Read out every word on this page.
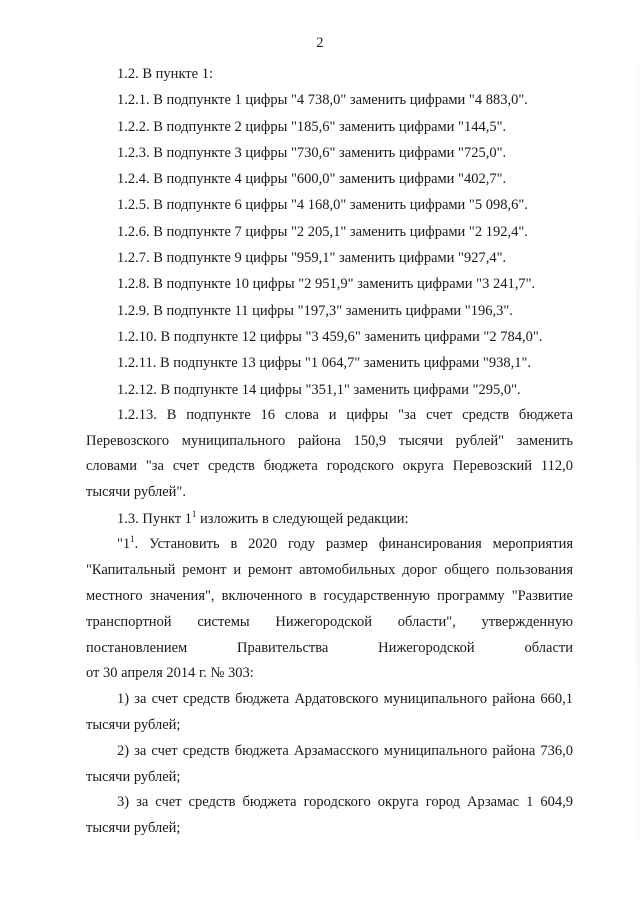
2
1.2. В пункте 1:
1.2.1. В подпункте 1 цифры "4 738,0" заменить цифрами "4 883,0".
1.2.2. В подпункте 2 цифры "185,6" заменить цифрами "144,5".
1.2.3. В подпункте 3 цифры "730,6" заменить цифрами "725,0".
1.2.4. В подпункте 4 цифры "600,0" заменить цифрами "402,7".
1.2.5. В подпункте 6 цифры "4 168,0" заменить цифрами "5 098,6".
1.2.6. В подпункте 7 цифры "2 205,1" заменить цифрами "2 192,4".
1.2.7. В подпункте 9 цифры "959,1" заменить цифрами "927,4".
1.2.8. В подпункте 10 цифры "2 951,9" заменить цифрами "3 241,7".
1.2.9. В подпункте 11 цифры "197,3" заменить цифрами "196,3".
1.2.10. В подпункте 12 цифры "3 459,6" заменить цифрами "2 784,0".
1.2.11. В подпункте 13 цифры "1 064,7" заменить цифрами "938,1".
1.2.12. В подпункте 14 цифры "351,1" заменить цифрами "295,0".

1.2.13. В подпункте 16 слова и цифры "за счет средств бюджета Перевозского муниципального района 150,9 тысячи рублей" заменить словами "за счет средств бюджета городского округа Перевозский 112,0 тысячи рублей".

1.3. Пункт $1^1$ изложить в следующей редакции:

"$1^1$. Установить в 2020 году размер финансирования мероприятия "Капитальный ремонт и ремонт автомобильных дорог общего пользования местного значения", включенного в государственную программу "Развитие транспортной системы Нижегородской области", утвержденную постановлением Правительства Нижегородской области

от 30 апреля 2014 г. № 303:

1) за счет средств бюджета Ардатовского муниципального района 660,1 тысячи рублей;

2) за счет средств бюджета Арзамасского муниципального района 736,0 тысячи рублей;

3) за счет средств бюджета городского округа город Арзамас 1 604,9 тысячи рублей;
